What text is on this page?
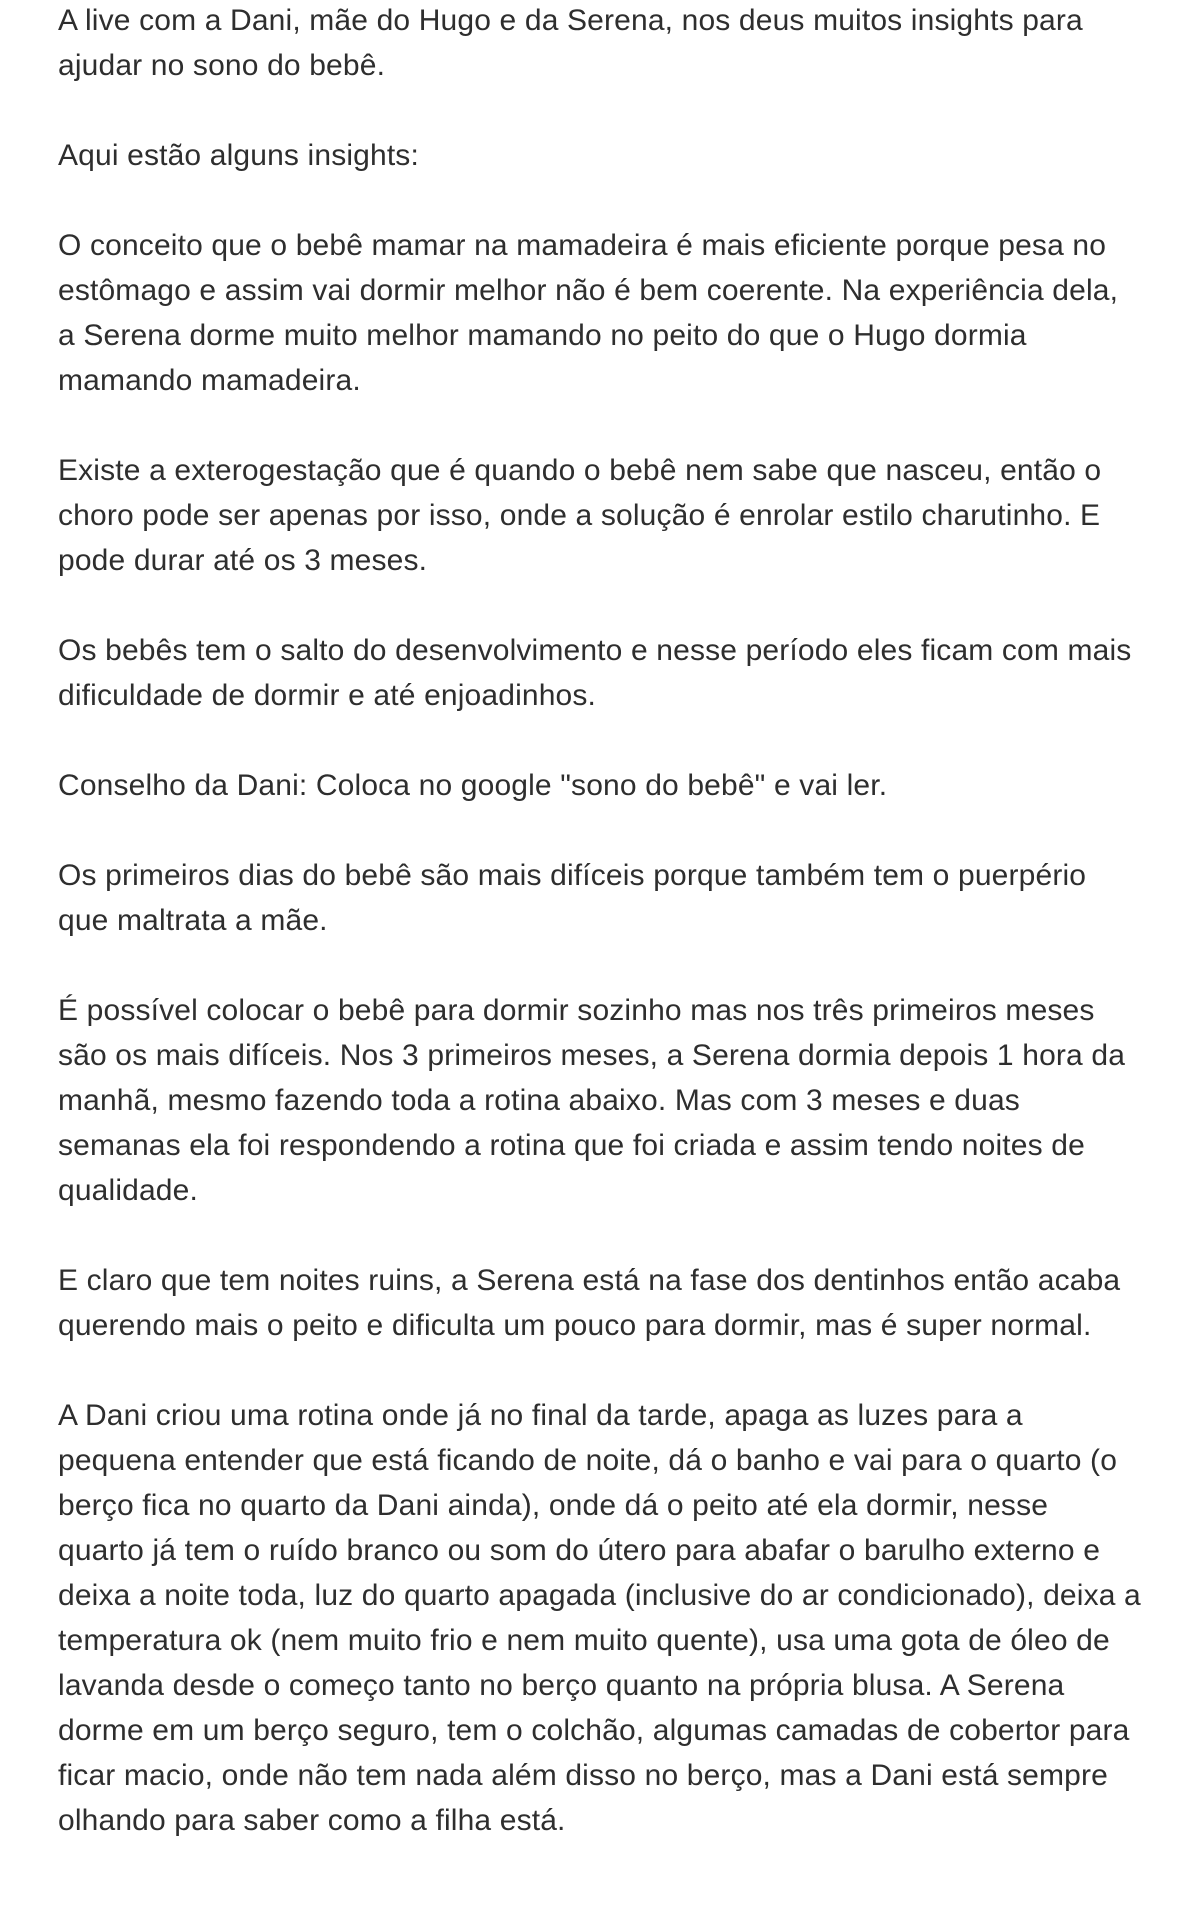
A live com a Dani, mãe do Hugo e da Serena, nos deus muitos insights para ajudar no sono do bebê.

Aqui estão alguns insights:

O conceito que o bebê mamar na mamadeira é mais eficiente porque pesa no estômago e assim vai dormir melhor não é bem coerente. Na experiência dela, a Serena dorme muito melhor mamando no peito do que o Hugo dormia mamando mamadeira.

Existe a exterogestação que é quando o bebê nem sabe que nasceu, então o choro pode ser apenas por isso, onde a solução é enrolar estilo charutinho. E pode durar até os 3 meses.

Os bebês tem o salto do desenvolvimento e nesse período eles ficam com mais dificuldade de dormir e até enjoadinhos.

Conselho da Dani: Coloca no google "sono do bebê" e vai ler.

Os primeiros dias do bebê são mais difíceis porque também tem o puerpério que maltrata a mãe.

É possível colocar o bebê para dormir sozinho mas nos três primeiros meses são os mais difíceis. Nos 3 primeiros meses, a Serena dormia depois 1 hora da manhã, mesmo fazendo toda a rotina abaixo. Mas com 3 meses e duas semanas ela foi respondendo a rotina que foi criada e assim tendo noites de qualidade.

E claro que tem noites ruins, a Serena está na fase dos dentinhos então acaba querendo mais o peito e dificulta um pouco para dormir, mas é super normal.

A Dani criou uma rotina onde já no final da tarde, apaga as luzes para a pequena entender que está ficando de noite, dá o banho e vai para o quarto (o berço fica no quarto da Dani ainda), onde dá o peito até ela dormir, nesse quarto já tem o ruído branco ou som do útero para abafar o barulho externo e deixa a noite toda, luz do quarto apagada (inclusive do ar condicionado), deixa a temperatura ok (nem muito frio e nem muito quente), usa uma gota de óleo de lavanda desde o começo tanto no berço quanto na própria blusa. A Serena dorme em um berço seguro, tem o colchão, algumas camadas de cobertor para ficar macio, onde não tem nada além disso no berço, mas a Dani está sempre olhando para saber como a filha está.
